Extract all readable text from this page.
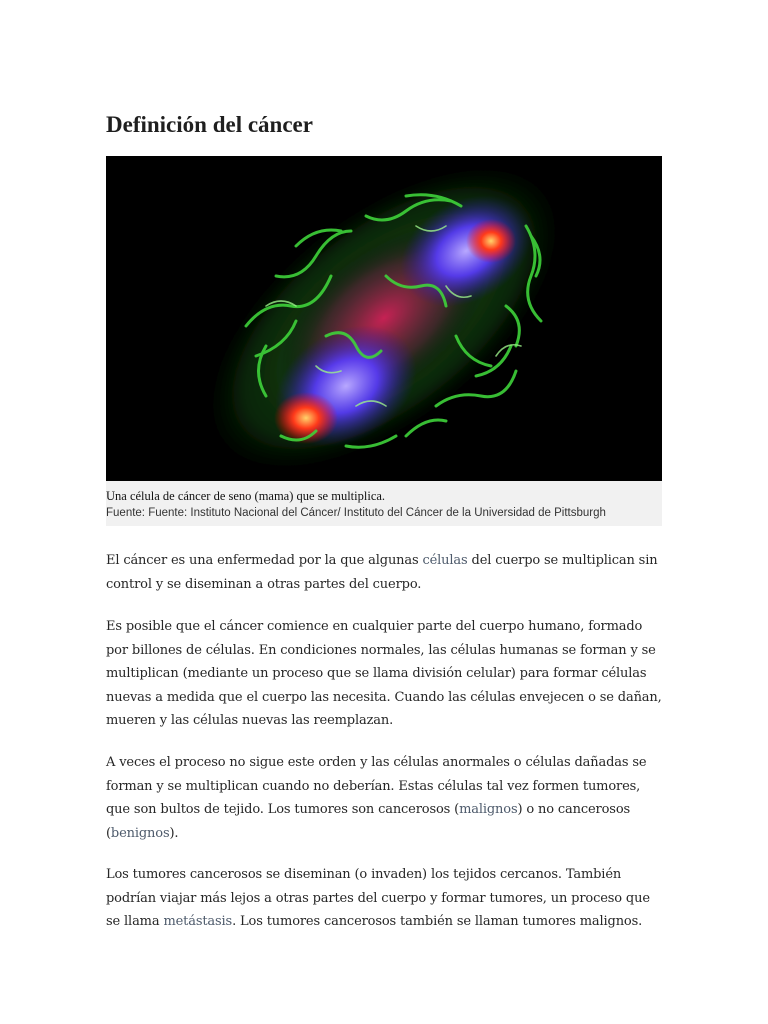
Definición del cáncer
Una célula de cáncer de seno (mama) que se multiplica.
Fuente: Fuente: Instituto Nacional del Cáncer/ Instituto del Cáncer de la Universidad de Pittsburgh

El cáncer es una enfermedad por la que algunas células del cuerpo se multiplican sin control y se diseminan a otras partes del cuerpo.

Es posible que el cáncer comience en cualquier parte del cuerpo humano, formado por billones de células. En condiciones normales, las células humanas se forman y se multiplican (mediante un proceso que se llama división celular) para formar células nuevas a medida que el cuerpo las necesita. Cuando las células envejecen o se dañan, mueren y las células nuevas las reemplazan.

A veces el proceso no sigue este orden y las células anormales o células dañadas se forman y se multiplican cuando no deberían. Estas células tal vez formen tumores, que son bultos de tejido. Los tumores son cancerosos (malignos) o no cancerosos (benignos).

Los tumores cancerosos se diseminan (o invaden) los tejidos cercanos. También podrían viajar más lejos a otras partes del cuerpo y formar tumores, un proceso que se llama metástasis. Los tumores cancerosos también se llaman tumores malignos.
